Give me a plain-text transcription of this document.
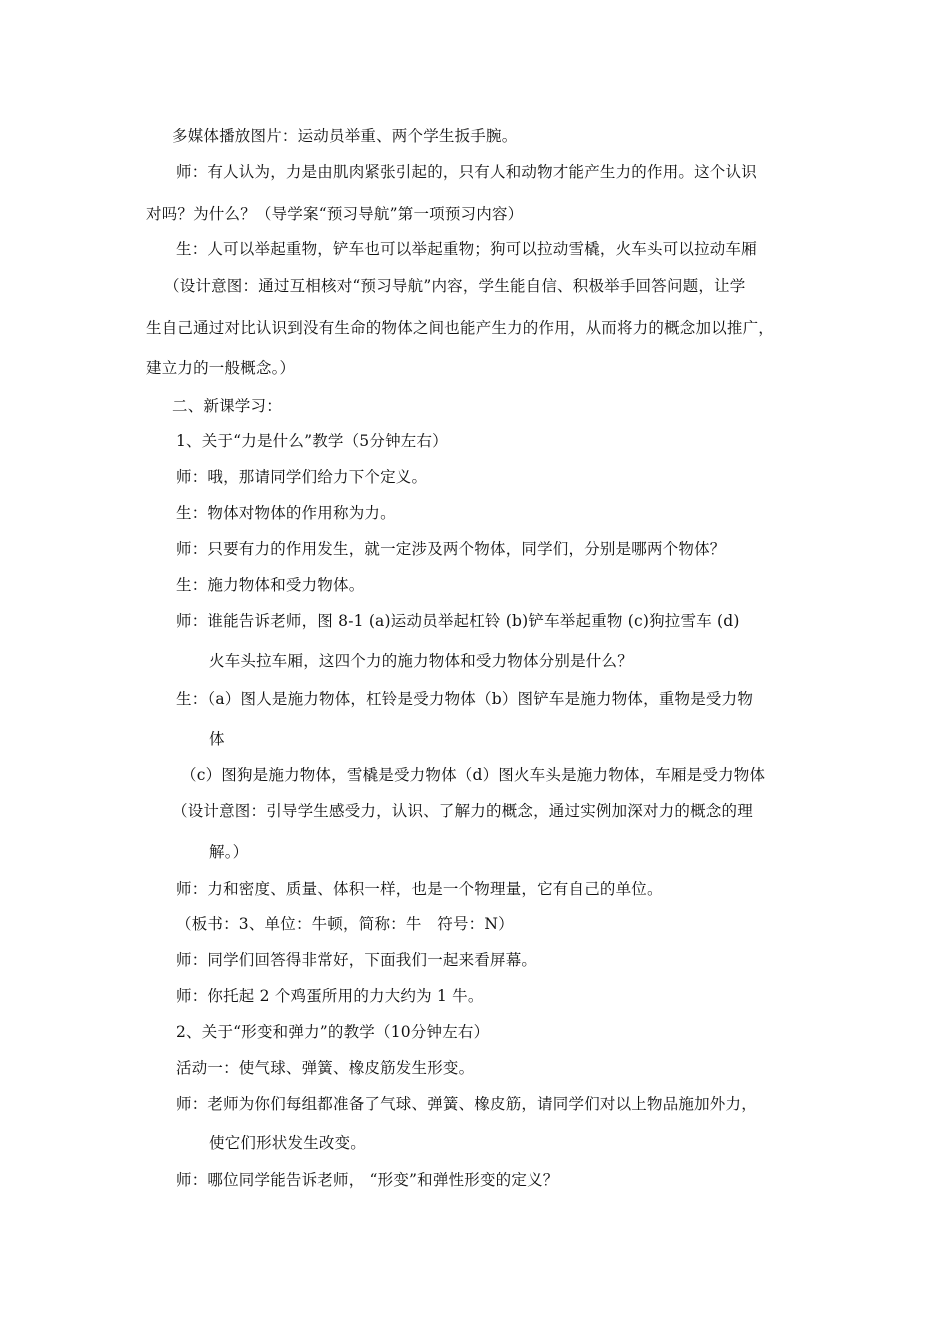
多媒体播放图片：运动员举重、两个学生扳手腕。
师：有人认为，力是由肌肉紧张引起的，只有人和动物才能产生力的作用。这个认识
对吗？为什么？（导学案“预习导航”第一项预习内容）
生：人可以举起重物，铲车也可以举起重物；狗可以拉动雪橇，火车头可以拉动车厢
（设计意图：通过互相核对“预习导航”内容，学生能自信、积极举手回答问题，让学
生自己通过对比认识到没有生命的物体之间也能产生力的作用，从而将力的概念加以推广，
建立力的一般概念。）
二、新课学习：
1、关于“力是什么”教学（5分钟左右）
师：哦，那请同学们给力下个定义。
生：物体对物体的作用称为力。
师：只要有力的作用发生，就一定涉及两个物体，同学们，分别是哪两个物体？
生：施力物体和受力物体。
师：谁能告诉老师，图 8-1 (a)运动员举起杠铃 (b)铲车举起重物 (c)狗拉雪车 (d)
火车头拉车厢，这四个力的施力物体和受力物体分别是什么？
生：（a）图人是施力物体，杠铃是受力物体（b）图铲车是施力物体，重物是受力物
体
（c）图狗是施力物体，雪橇是受力物体（d）图火车头是施力物体，车厢是受力物体
（设计意图：引导学生感受力，认识、了解力的概念，通过实例加深对力的概念的理
解。）
师：力和密度、质量、体积一样，也是一个物理量，它有自己的单位。
（板书：3、单位：牛顿，简称：牛　符号：N）
师：同学们回答得非常好，下面我们一起来看屏幕。
师：你托起 2 个鸡蛋所用的力大约为 1 牛。
2、关于“形变和弹力”的教学（10分钟左右）
活动一：使气球、弹簧、橡皮筋发生形变。
师：老师为你们每组都准备了气球、弹簧、橡皮筋，请同学们对以上物品施加外力，
使它们形状发生改变。
师：哪位同学能告诉老师， “形变”和弹性形变的定义？
